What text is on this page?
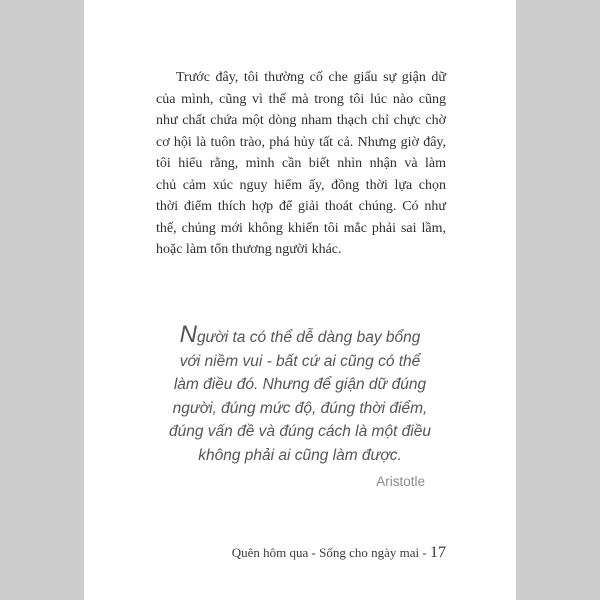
Trước đây, tôi thường cố che giấu sự giận dữ
của mình, cũng vì thế mà trong tôi lúc nào cũng
như chất chứa một dòng nham thạch chỉ chực chờ
cơ hội là tuôn trào, phá hủy tất cả. Nhưng giờ đây,
tôi hiểu rằng, mình cần biết nhìn nhận và làm
chủ cảm xúc nguy hiểm ấy, đồng thời lựa chọn
thời điểm thích hợp để giải thoát chúng. Có như
thế, chúng mới không khiến tôi mắc phải sai lầm,
hoặc làm tổn thương người khác.
Người ta có thể dễ dàng bay bổng
với niềm vui - bất cứ ai cũng có thể
làm điều đó. Nhưng để giận dữ đúng
người, đúng mức độ, đúng thời điểm,
đúng vấn đề và đúng cách là một điều
không phải ai cũng làm được.
Aristotle
Quên hôm qua - Sống cho ngày mai - 17
